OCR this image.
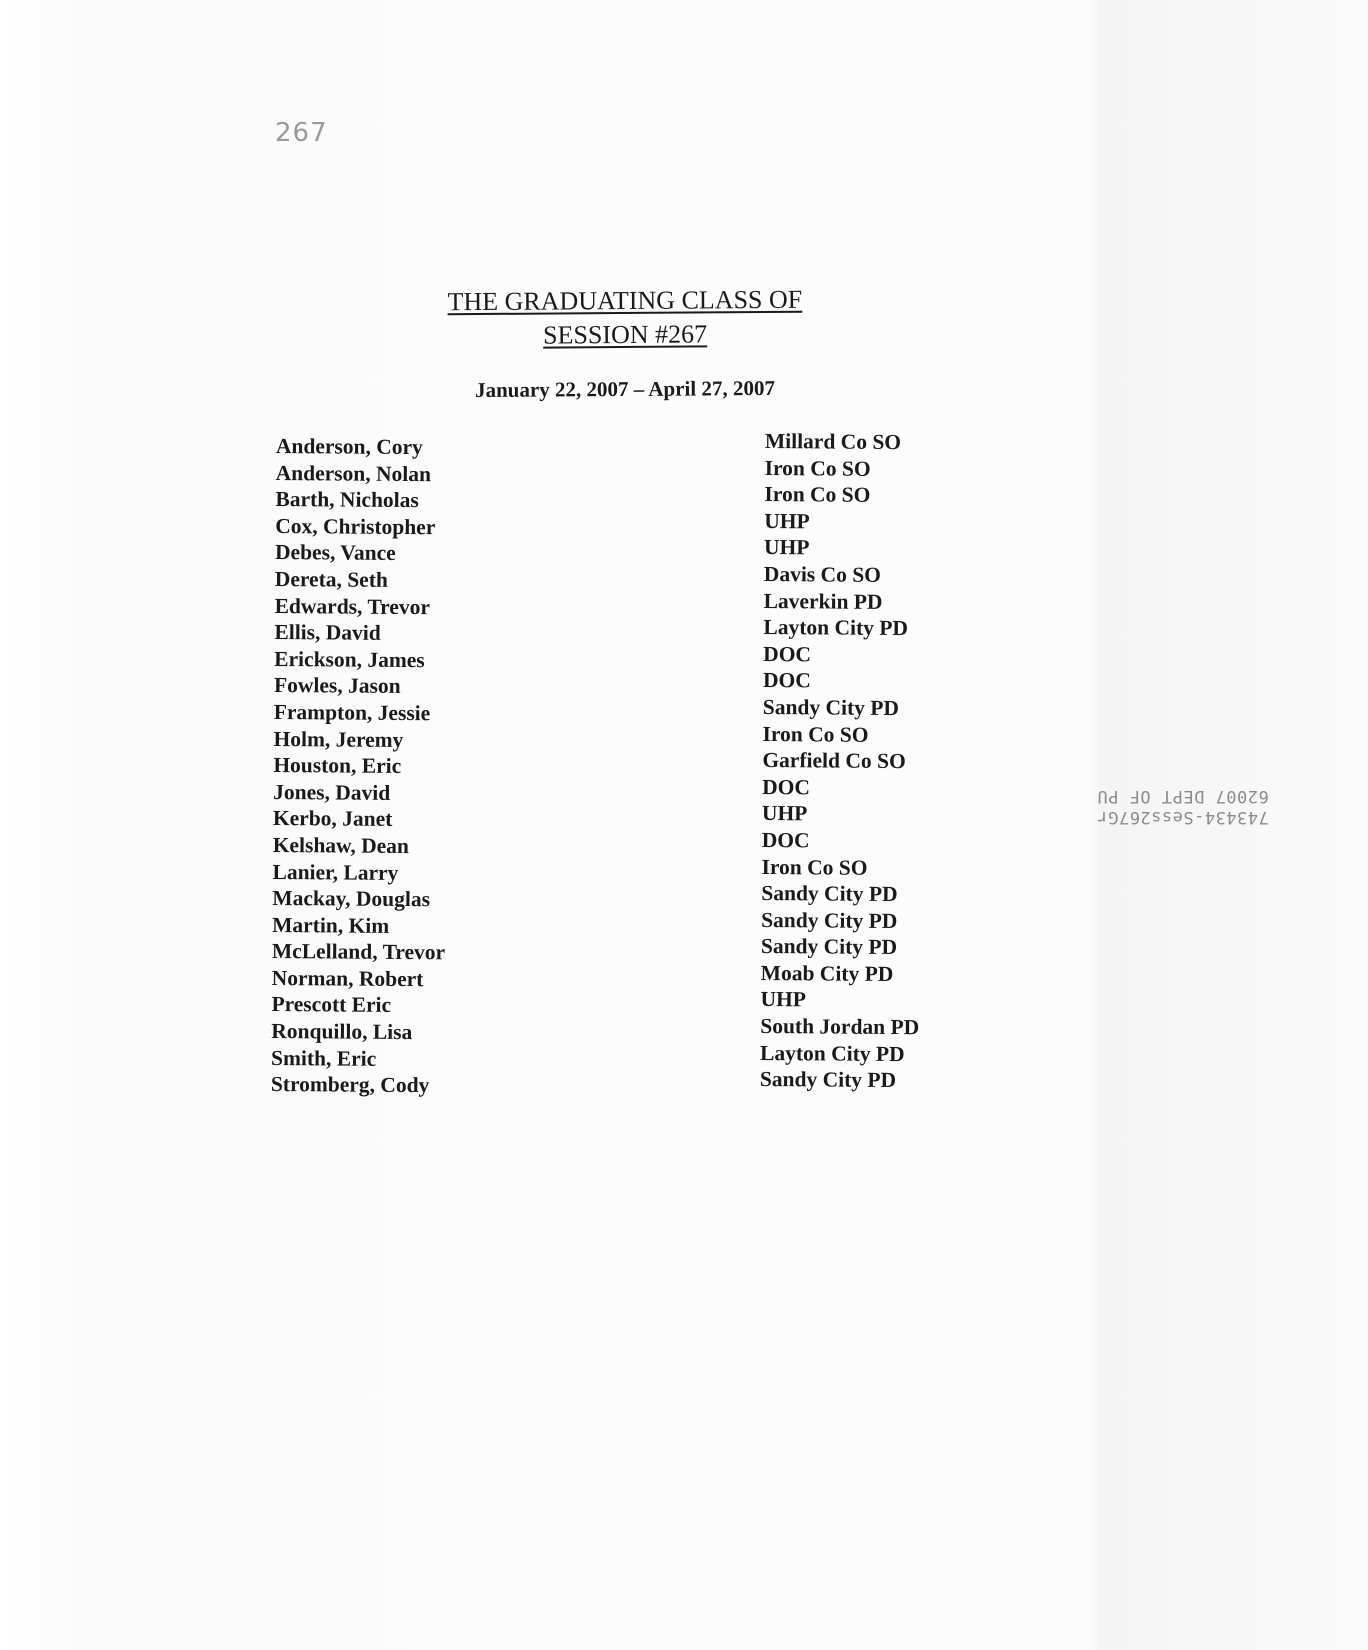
267
THE GRADUATING CLASS OF
SESSION #267
January 22, 2007 – April 27, 2007
Anderson, Cory
Anderson, Nolan
Barth, Nicholas
Cox, Christopher
Debes, Vance
Dereta, Seth
Edwards, Trevor
Ellis, David
Erickson, James
Fowles, Jason
Frampton, Jessie
Holm, Jeremy
Houston, Eric
Jones, David
Kerbo, Janet
Kelshaw, Dean
Lanier, Larry
Mackay, Douglas
Martin, Kim
McLelland, Trevor
Norman, Robert
Prescott Eric
Ronquillo, Lisa
Smith, Eric
Stromberg, Cody
Millard Co SO
Iron Co SO
Iron Co SO
UHP
UHP
Davis Co SO
Laverkin PD
Layton City PD
DOC
DOC
Sandy City PD
Iron Co SO
Garfield Co SO
DOC
UHP
DOC
Iron Co SO
Sandy City PD
Sandy City PD
Sandy City PD
Moab City PD
UHP
South Jordan PD
Layton City PD
Sandy City PD
743434-Sess267Gr
62007 DEPT OF PU
